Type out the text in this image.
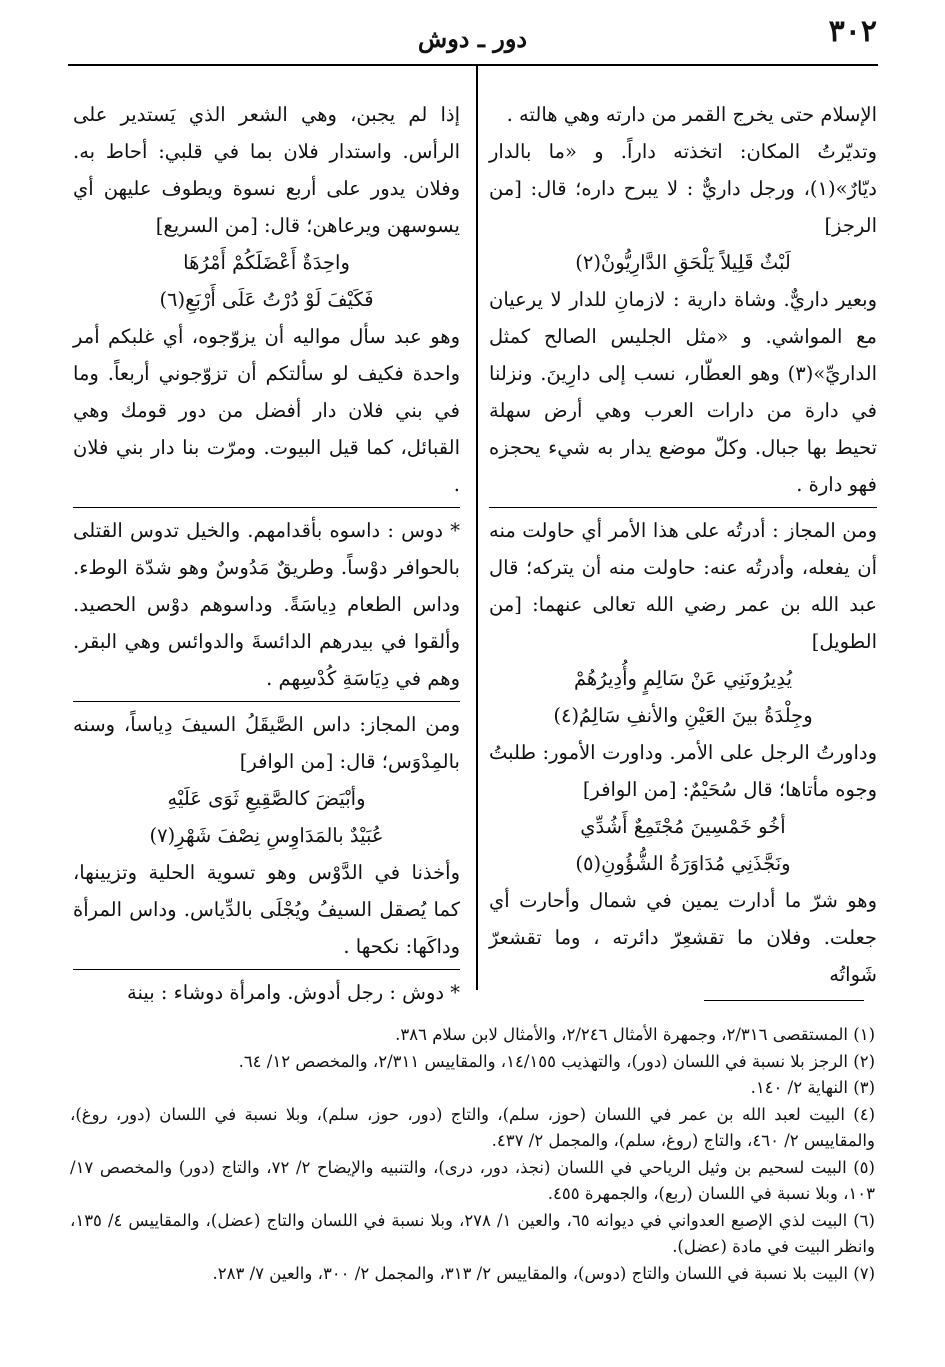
٣٠٢
دور ـ دوش

الإسلام حتى يخرج القمر من دارته وهي هالته .

وتديّرتُ المكان: اتخذته داراً. و «ما بالدار ديّارٌ»(١)، ورجل داريٌّ : لا يبرح داره؛ قال: [من الرجز]

لَبْثٌ قَلِيلاً يَلْحَقِ الدَّارِيُّونْ(٢)

وبعير داريٌّ. وشاة دارية : لازمانِ للدار لا يرعيان مع المواشي. و «مثل الجليس الصالح كمثل الداريِّ»(٣) وهو العطّار، نسب إلى دارِينَ. ونزلنا في دارة من دارات العرب وهي أرض سهلة تحيط بها جبال. وكلّ موضع يدار به شيء يحجزه فهو دارة .

ومن المجاز : أدرتُه على هذا الأمر أي حاولت منه أن يفعله، وأدرتُه عنه: حاولت منه أن يتركه؛ قال عبد الله بن عمر رضي الله تعالى عنهما: [من الطويل]

يُدِيرُونَنِي عَنْ سَالِمٍ وأُدِيرُهُمْ
وجِلْدَةُ بينَ العَيْنِ والأنفِ سَالِمُ(٤)

وداورتُ الرجل على الأمر. وداورت الأمور: طلبتُ وجوه مأتاها؛ قال سُحَيْمٌ: [من الوافر]

أخُو خَمْسِينَ مُجْتَمِعٌ أَشُدِّي
ونَجَّذَنِي مُدَاوَرَةُ الشُّؤُونِ(٥)

وهو شرّ ما أدارت يمين في شمال وأحارت أي جعلت. وفلان ما تقشعِرّ دائرته ، وما تقشعرّ شَواتُه

إذا لم يجبن، وهي الشعر الذي يَستدير على الرأس. واستدار فلان بما في قلبي: أحاط به. وفلان يدور على أربع نسوة ويطوف عليهن أي يسوسهن ويرعاهن؛ قال: [من السريع]

واحِدَةٌ أَعْضَلَكُمْ أَمْرُهَا
فَكَيْفَ لَوْ دُرْتُ عَلَى أَرْبَعِ(٦)

وهو عبد سأل مواليه أن يزوّجوه، أي غلبكم أمر واحدة فكيف لو سألتكم أن تزوّجوني أربعاً. وما في بني فلان دار أفضل من دور قومك وهي القبائل، كما قيل البيوت. ومرّت بنا دار بني فلان .

* دوس : داسوه بأقدامهم. والخيل تدوس القتلى بالحوافر دوْساً. وطريقٌ مَدُوسٌ وهو شدّة الوطء. وداس الطعام دِياسَةً. وداسوهم دوْس الحصيد. وألقوا في بيدرهم الدائسةَ والدوائس وهي البقر. وهم في دِيَاسَةِ كُدْسِهم .

ومن المجاز: داس الصَّيقَلُ السيفَ دِياساً، وسنه بالمِدْوَس؛ قال: [من الوافر]

وأبْيَضَ كالصَّقِيعِ ثَوَى عَلَيْهِ
عُبَيْدٌ بالمَدَاوِسِ نِصْفَ شَهْرِ(٧)

وأخذنا في الدَّوْس وهو تسوية الحلية وتزيينها، كما يُصقل السيفُ ويُجْلَى بالدِّياس. وداس المرأة وداكَها: نكحها .

* دوش : رجل أدوش. وامرأة دوشاء : بينة

(١) المستقصى ٢/٣١٦، وجمهرة الأمثال ٢/٢٤٦، والأمثال لابن سلام ٣٨٦.

(٢) الرجز بلا نسبة في اللسان (دور)، والتهذيب ١٤/١٥٥، والمقاييس ٢/٣١١، والمخصص ١٢/ ٦٤.

(٣) النهاية ٢/ ١٤٠.

(٤) البيت لعبد الله بن عمر في اللسان (حوز، سلم)، والتاج (دور، حوز، سلم)، وبلا نسبة في اللسان (دور، روغ)، والمقاييس ٢/ ٤٦٠، والتاج (روغ، سلم)، والمجمل ٢/ ٤٣٧.

(٥) البيت لسحيم بن وثيل الرياحي في اللسان (نجذ، دور، درى)، والتنبيه والإيضاح ٢/ ٧٢، والتاج (دور) والمخصص ١٧/ ١٠٣، وبلا نسبة في اللسان (ربع)، والجمهرة ٤٥٥.

(٦) البيت لذي الإصبع العدواني في ديوانه ٦٥، والعين ١/ ٢٧٨، وبلا نسبة في اللسان والتاج (عضل)، والمقاييس ٤/ ١٣٥، وانظر البيت في مادة (عضل).

(٧) البيت بلا نسبة في اللسان والتاج (دوس)، والمقاييس ٢/ ٣١٣، والمجمل ٢/ ٣٠٠، والعين ٧/ ٢٨٣.
